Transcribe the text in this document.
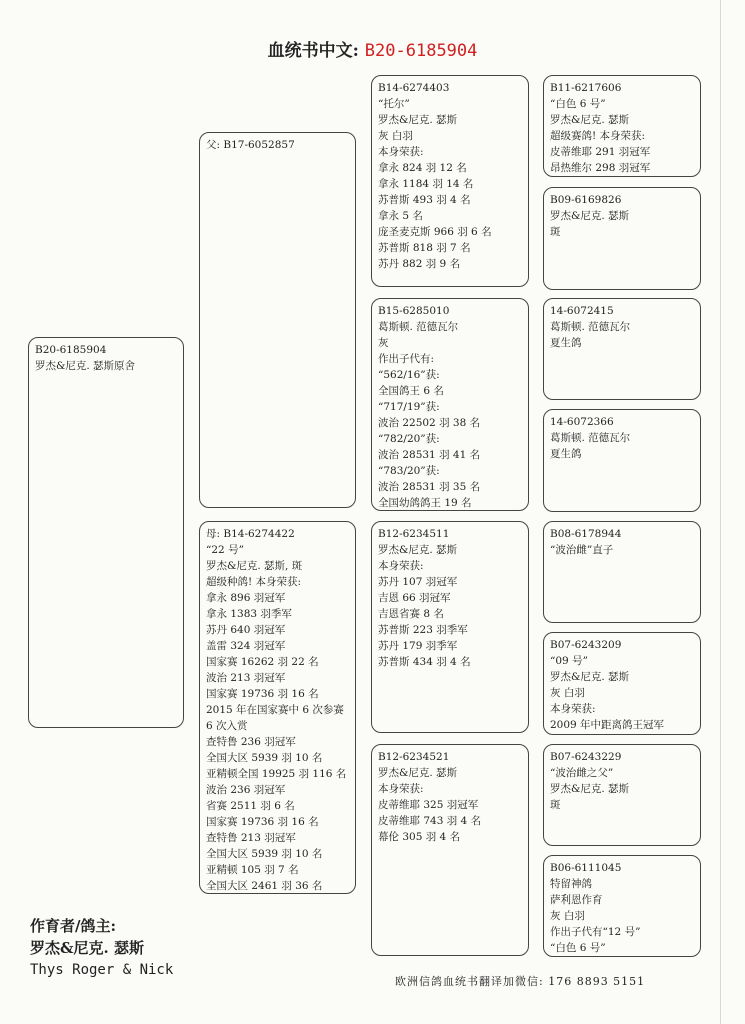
血统书中文: B20-6185904
B20-6185904
罗杰&尼克. 瑟斯原舍
父: B17-6052857
母: B14-6274422
“22 号”
罗杰&尼克. 瑟斯, 斑
超级种鸽! 本身荣获:
拿永 896 羽冠军
拿永 1383 羽季军
苏丹 640 羽冠军
盖雷 324 羽冠军
国家赛 16262 羽 22 名
波治 213 羽冠军
国家赛 19736 羽 16 名
2015 年在国家赛中 6 次参赛
6 次入赏
查特鲁 236 羽冠军
全国大区 5939 羽 10 名
亚精顿全国 19925 羽 116 名
波治 236 羽冠军
省赛 2511 羽 6 名
国家赛 19736 羽 16 名
查特鲁 213 羽冠军
全国大区 5939 羽 10 名
亚精顿 105 羽 7 名
全国大区 2461 羽 36 名
B14-6274403
“托尔”
罗杰&尼克. 瑟斯
灰 白羽
本身荣获:
拿永 824 羽 12 名
拿永 1184 羽 14 名
苏普斯 493 羽 4 名
拿永 5 名
庞圣麦克斯 966 羽 6 名
苏普斯 818 羽 7 名
苏丹 882 羽 9 名
B15-6285010
葛斯顿. 范德瓦尔
灰
作出子代有:
“562/16”获:
全国鸽王 6 名
“717/19”获:
波治 22502 羽 38 名
“782/20”获:
波治 28531 羽 41 名
“783/20”获:
波治 28531 羽 35 名
全国幼鸽鸽王 19 名
B12-6234511
罗杰&尼克. 瑟斯
本身荣获:
苏丹 107 羽冠军
吉恩 66 羽冠军
吉恩省赛 8 名
苏普斯 223 羽季军
苏丹 179 羽季军
苏普斯 434 羽 4 名
B12-6234521
罗杰&尼克. 瑟斯
本身荣获:
皮蒂维耶 325 羽冠军
皮蒂维耶 743 羽 4 名
幕伦 305 羽 4 名
B11-6217606
“白色 6 号”
罗杰&尼克. 瑟斯
超级赛鸽! 本身荣获:
皮蒂维耶 291 羽冠军
昂热维尔 298 羽冠军
B09-6169826
罗杰&尼克. 瑟斯
斑
14-6072415
葛斯顿. 范德瓦尔
夏生鸽
14-6072366
葛斯顿. 范德瓦尔
夏生鸽
B08-6178944
“波治雌”直子
B07-6243209
“09 号”
罗杰&尼克. 瑟斯
灰 白羽
本身荣获:
2009 年中距离鸽王冠军
B07-6243229
“波治雌之父”
罗杰&尼克. 瑟斯
斑
B06-6111045
特留神鸽
萨利恩作育
灰 白羽
作出子代有“12 号”
“白色 6 号”
作育者/鸽主:
罗杰&尼克. 瑟斯
Thys Roger & Nick
欧洲信鸽血统书翻译加微信: 176 8893 5151
